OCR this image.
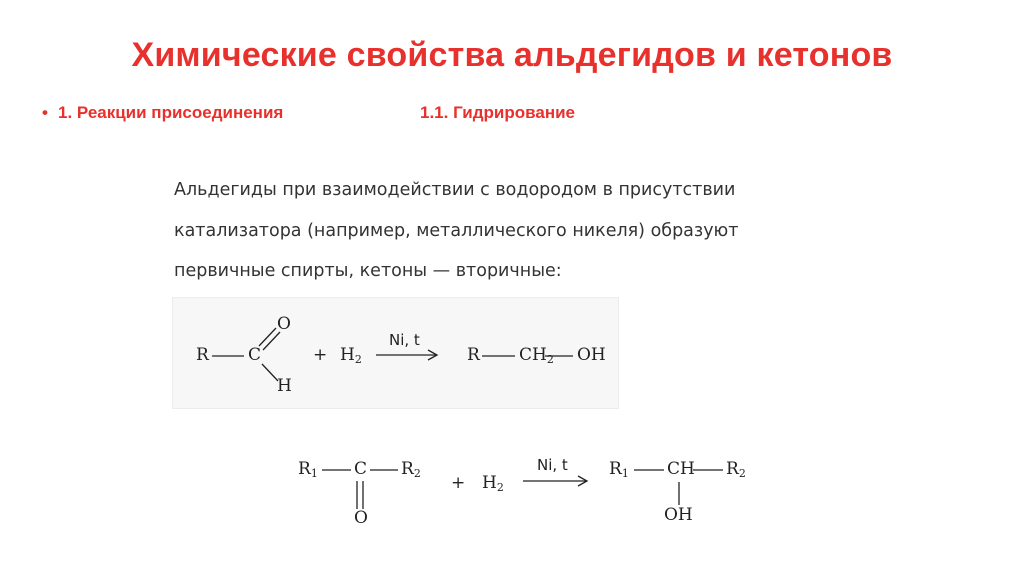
Химические свойства альдегидов и кетонов
• 1. Реакции присоединения	1.1. Гидрирование
Альдегиды при взаимодействии с водородом в присутствии
катализатора (например, металлического никеля) образуют
первичные спирты, кетоны — вторичные:
R C
O
H
+ $H_2$
Ni, t
R $CH_2$ OH
$R_1$ C $R_2$
O
+ $H_2$
Ni, t $R_1$ CH $R_2$
OH
